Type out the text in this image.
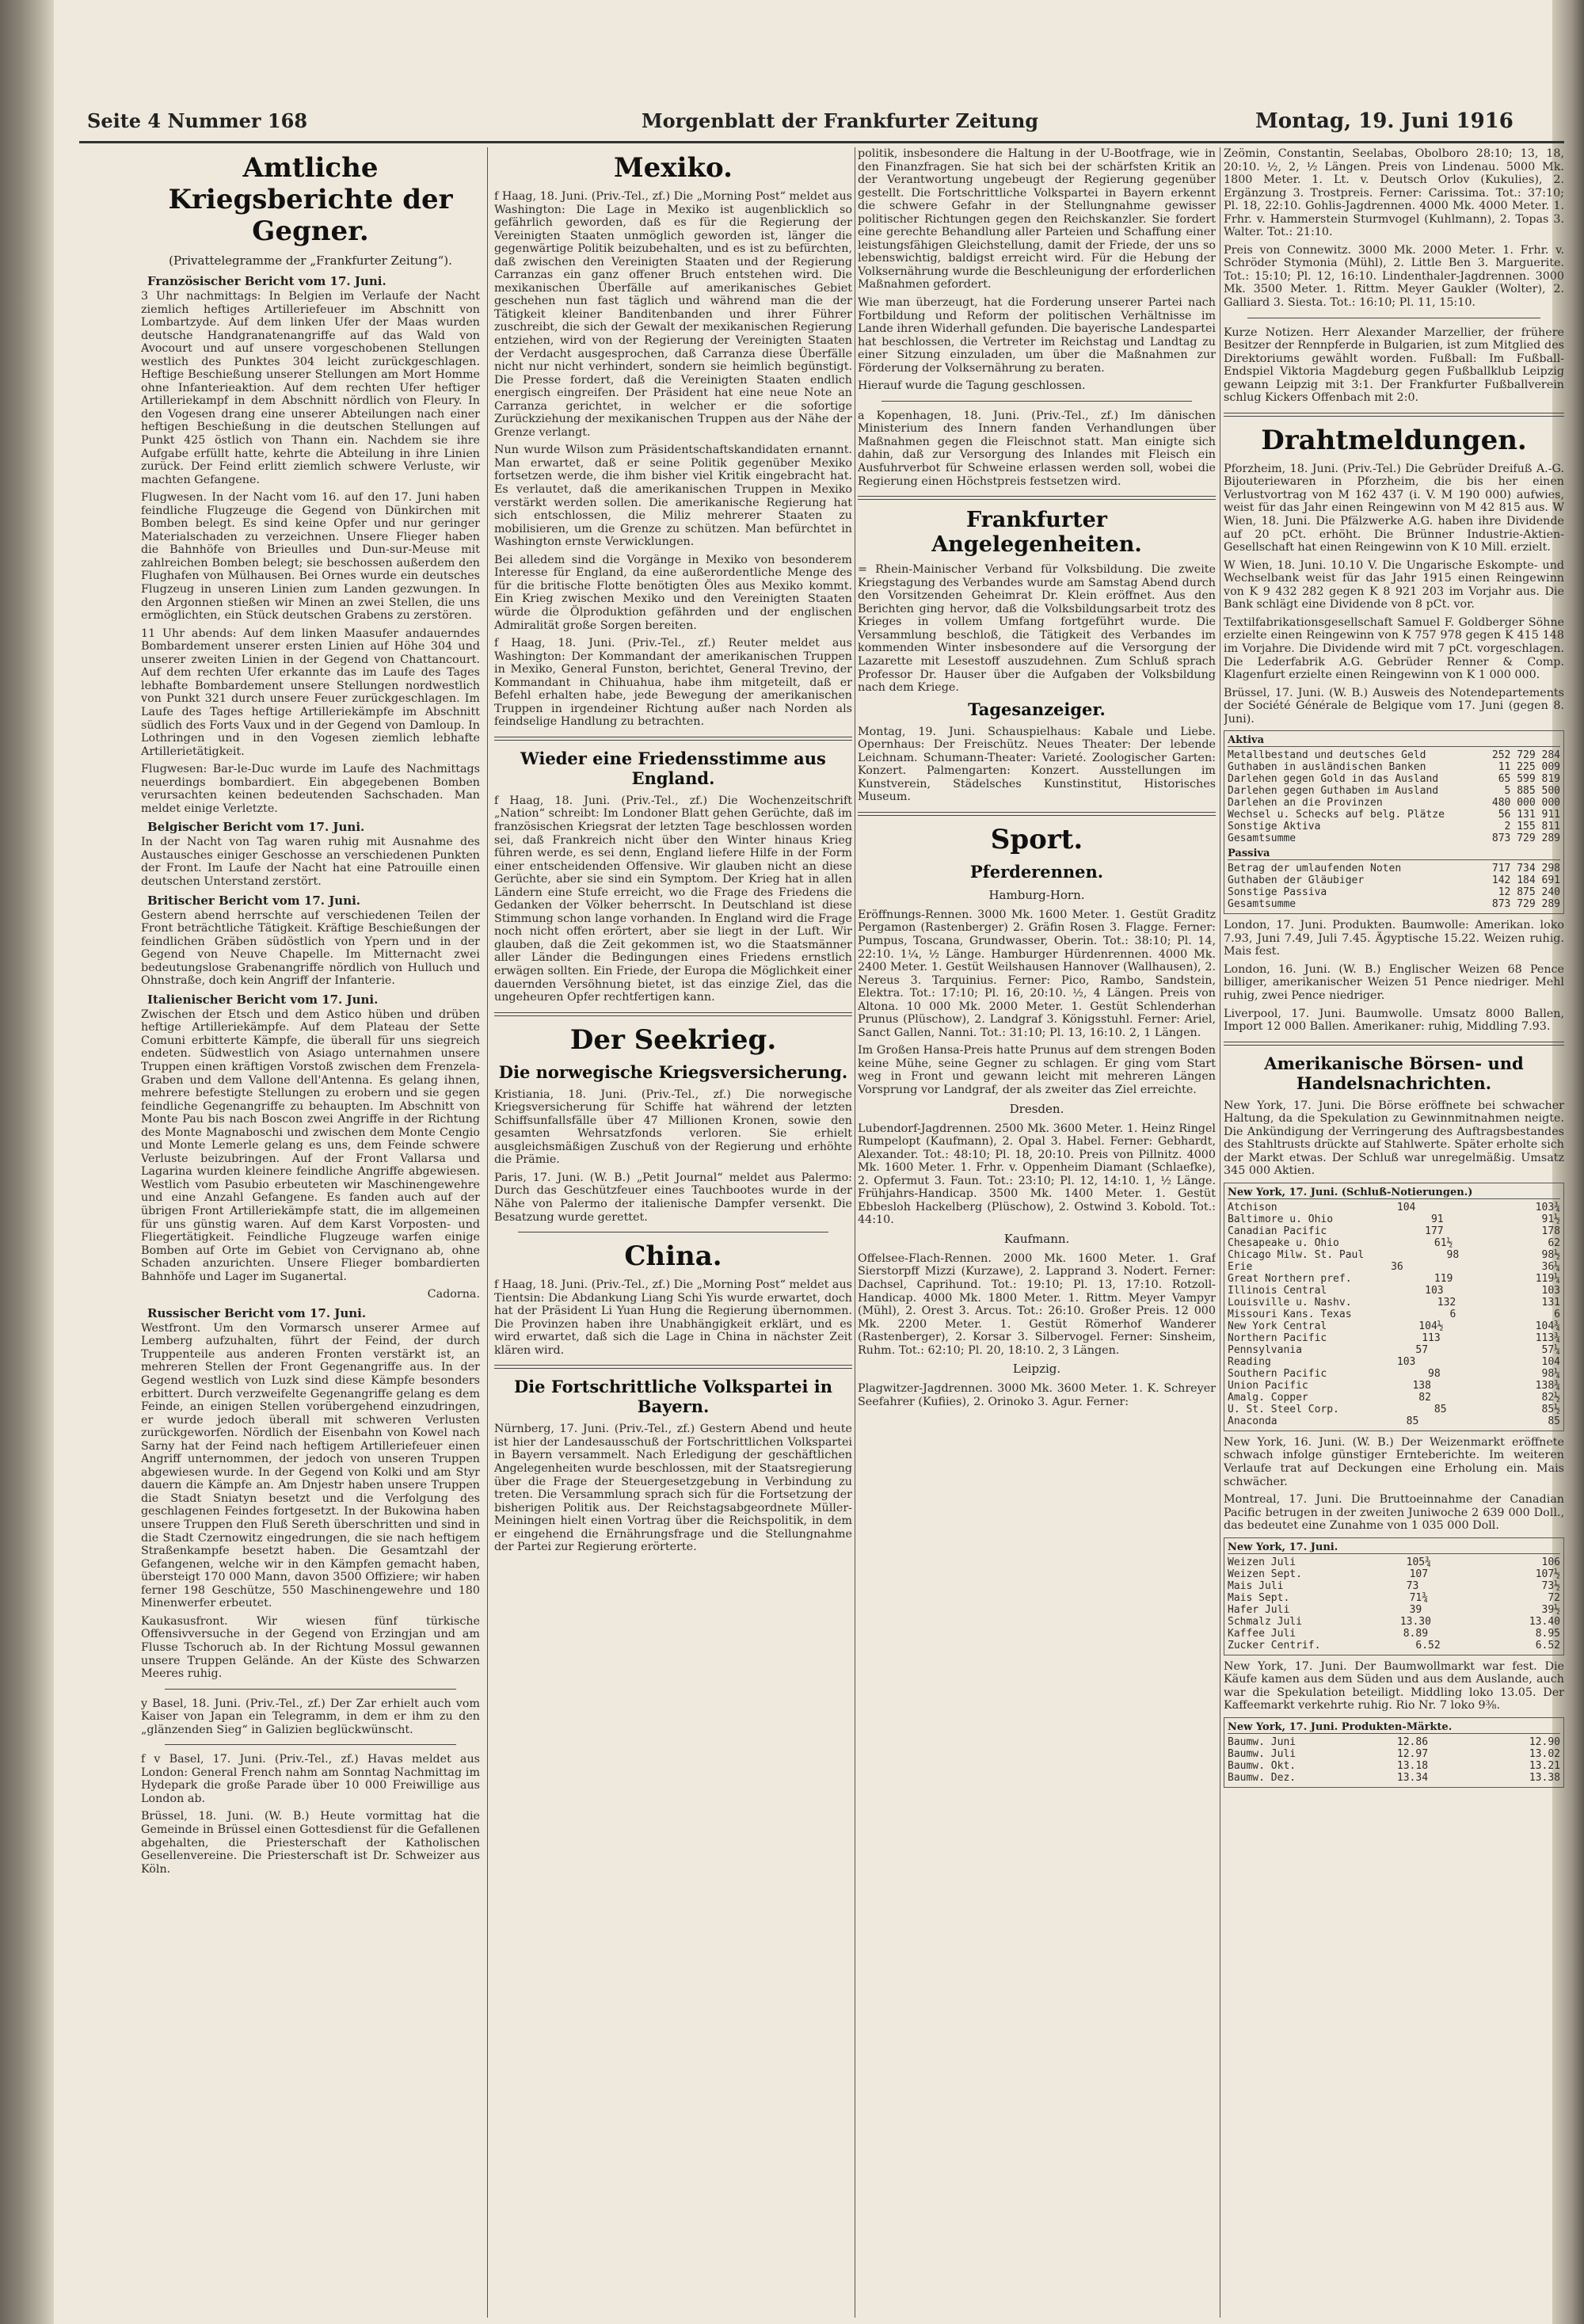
Seite 4 Nummer 168	Morgenblatt der Frankfurter Zeitung	Montag, 19. Juni 1916
Amtliche Kriegsberichte der Gegner.
(Privattelegramme der „Frankfurter Zeitung“).
Französischer Bericht vom 17. Juni.

3 Uhr nachmittags: In Belgien im Verlaufe der Nacht ziemlich heftiges Artilleriefeuer im Abschnitt von Lombartzyde. Auf dem linken Ufer der Maas wurden deutsche Handgranatenangriffe auf das Wald von Avocourt und auf unsere vorgeschobenen Stellungen westlich des Punktes 304 leicht zurückgeschlagen. Heftige Beschießung unserer Stellungen am Mort Homme ohne Infanterieaktion. Auf dem rechten Ufer heftiger Artilleriekampf in dem Abschnitt nördlich von Fleury. In den Vogesen drang eine unserer Abteilungen nach einer heftigen Beschießung in die deutschen Stellungen auf Punkt 425 östlich von Thann ein. Nachdem sie ihre Aufgabe erfüllt hatte, kehrte die Abteilung in ihre Linien zurück. Der Feind erlitt ziemlich schwere Verluste, wir machten Gefangene.

Flugwesen. In der Nacht vom 16. auf den 17. Juni haben feindliche Flugzeuge die Gegend von Dünkirchen mit Bomben belegt. Es sind keine Opfer und nur geringer Materialschaden zu verzeichnen. Unsere Flieger haben die Bahnhöfe von Brieulles und Dun-sur-Meuse mit zahlreichen Bomben belegt; sie beschossen außerdem den Flughafen von Mülhausen. Bei Ornes wurde ein deutsches Flugzeug in unseren Linien zum Landen gezwungen. In den Argonnen stießen wir Minen an zwei Stellen, die uns ermöglichten, ein Stück deutschen Grabens zu zerstören.

11 Uhr abends: Auf dem linken Maasufer andauerndes Bombardement unserer ersten Linien auf Höhe 304 und unserer zweiten Linien in der Gegend von Chattancourt. Auf dem rechten Ufer erkannte das im Laufe des Tages lebhafte Bombardement unsere Stellungen nordwestlich von Punkt 321 durch unsere Feuer zurückgeschlagen. Im Laufe des Tages heftige Artilleriekämpfe im Abschnitt südlich des Forts Vaux und in der Gegend von Damloup. In Lothringen und in den Vogesen ziemlich lebhafte Artillerietätigkeit.

Flugwesen: Bar-le-Duc wurde im Laufe des Nachmittags neuerdings bombardiert. Ein abgegebenen Bomben verursachten keinen bedeutenden Sachschaden. Man meldet einige Verletzte.

Belgischer Bericht vom 17. Juni.

In der Nacht von Tag waren ruhig mit Ausnahme des Austausches einiger Geschosse an verschiedenen Punkten der Front. Im Laufe der Nacht hat eine Patrouille einen deutschen Unterstand zerstört.

Britischer Bericht vom 17. Juni.

Gestern abend herrschte auf verschiedenen Teilen der Front beträchtliche Tätigkeit. Kräftige Beschießungen der feindlichen Gräben südöstlich von Ypern und in der Gegend von Neuve Chapelle. Im Mitternacht zwei bedeutungslose Grabenangriffe nördlich von Hulluch und Ohnstraße, doch kein Angriff der Infanterie.

Italienischer Bericht vom 17. Juni.

Zwischen der Etsch und dem Astico hüben und drüben heftige Artilleriekämpfe. Auf dem Plateau der Sette Comuni erbitterte Kämpfe, die überall für uns siegreich endeten. Südwestlich von Asiago unternahmen unsere Truppen einen kräftigen Vorstoß zwischen dem Frenzela-Graben und dem Vallone dell'Antenna. Es gelang ihnen, mehrere befestigte Stellungen zu erobern und sie gegen feindliche Gegenangriffe zu behaupten. Im Abschnitt von Monte Pau bis nach Boscon zwei Angriffe in der Richtung des Monte Magnaboschi und zwischen dem Monte Cengio und Monte Lemerle gelang es uns, dem Feinde schwere Verluste beizubringen. Auf der Front Vallarsa und Lagarina wurden kleinere feindliche Angriffe abgewiesen. Westlich vom Pasubio erbeuteten wir Maschinengewehre und eine Anzahl Gefangene. Es fanden auch auf der übrigen Front Artilleriekämpfe statt, die im allgemeinen für uns günstig waren. Auf dem Karst Vorposten- und Fliegertätigkeit. Feindliche Flugzeuge warfen einige Bomben auf Orte im Gebiet von Cervignano ab, ohne Schaden anzurichten. Unsere Flieger bombardierten Bahnhöfe und Lager im Suganertal.

Cadorna.

Russischer Bericht vom 17. Juni.

Westfront. Um den Vormarsch unserer Armee auf Lemberg aufzuhalten, führt der Feind, der durch Truppenteile aus anderen Fronten verstärkt ist, an mehreren Stellen der Front Gegenangriffe aus. In der Gegend westlich von Luzk sind diese Kämpfe besonders erbittert. Durch verzweifelte Gegenangriffe gelang es dem Feinde, an einigen Stellen vorübergehend einzudringen, er wurde jedoch überall mit schweren Verlusten zurückgeworfen. Nördlich der Eisenbahn von Kowel nach Sarny hat der Feind nach heftigem Artilleriefeuer einen Angriff unternommen, der jedoch von unseren Truppen abgewiesen wurde. In der Gegend von Kolki und am Styr dauern die Kämpfe an. Am Dnjestr haben unsere Truppen die Stadt Sniatyn besetzt und die Verfolgung des geschlagenen Feindes fortgesetzt. In der Bukowina haben unsere Truppen den Fluß Sereth überschritten und sind in die Stadt Czernowitz eingedrungen, die sie nach heftigem Straßenkampfe besetzt haben. Die Gesamtzahl der Gefangenen, welche wir in den Kämpfen gemacht haben, übersteigt 170 000 Mann, davon 3500 Offiziere; wir haben ferner 198 Geschütze, 550 Maschinengewehre und 180 Minenwerfer erbeutet.

Kaukasusfront. Wir wiesen fünf türkische Offensivversuche in der Gegend von Erzingjan und am Flusse Tschoruch ab. In der Richtung Mossul gewannen unsere Truppen Gelände. An der Küste des Schwarzen Meeres ruhig.

y Basel, 18. Juni. (Priv.-Tel., zf.) Der Zar erhielt auch vom Kaiser von Japan ein Telegramm, in dem er ihm zu den „glänzenden Sieg“ in Galizien beglückwünscht.

f v Basel, 17. Juni. (Priv.-Tel., zf.) Havas meldet aus London: General French nahm am Sonntag Nachmittag im Hydepark die große Parade über 10 000 Freiwillige aus London ab.

Brüssel, 18. Juni. (W. B.) Heute vormittag hat die Gemeinde in Brüssel einen Gottesdienst für die Gefallenen abgehalten, die Priesterschaft der Katholischen Gesellenvereine. Die Priesterschaft ist Dr. Schweizer aus Köln.

Mexiko.

f Haag, 18. Juni. (Priv.-Tel., zf.) Die „Morning Post“ meldet aus Washington: Die Lage in Mexiko ist augenblicklich so gefährlich geworden, daß es für die Regierung der Vereinigten Staaten unmöglich geworden ist, länger die gegenwärtige Politik beizubehalten, und es ist zu befürchten, daß zwischen den Vereinigten Staaten und der Regierung Carranzas ein ganz offener Bruch entstehen wird. Die mexikanischen Überfälle auf amerikanisches Gebiet geschehen nun fast täglich und während man die der Tätigkeit kleiner Banditenbanden und ihrer Führer zuschreibt, die sich der Gewalt der mexikanischen Regierung entziehen, wird von der Regierung der Vereinigten Staaten der Verdacht ausgesprochen, daß Carranza diese Überfälle nicht nur nicht verhindert, sondern sie heimlich begünstigt. Die Presse fordert, daß die Vereinigten Staaten endlich energisch eingreifen. Der Präsident hat eine neue Note an Carranza gerichtet, in welcher er die sofortige Zurückziehung der mexikanischen Truppen aus der Nähe der Grenze verlangt.

Nun wurde Wilson zum Präsidentschaftskandidaten ernannt. Man erwartet, daß er seine Politik gegenüber Mexiko fortsetzen werde, die ihm bisher viel Kritik eingebracht hat. Es verlautet, daß die amerikanischen Truppen in Mexiko verstärkt werden sollen. Die amerikanische Regierung hat sich entschlossen, die Miliz mehrerer Staaten zu mobilisieren, um die Grenze zu schützen. Man befürchtet in Washington ernste Verwicklungen.

Bei alledem sind die Vorgänge in Mexiko von besonderem Interesse für England, da eine außerordentliche Menge des für die britische Flotte benötigten Öles aus Mexiko kommt. Ein Krieg zwischen Mexiko und den Vereinigten Staaten würde die Ölproduktion gefährden und der englischen Admiralität große Sorgen bereiten.

f Haag, 18. Juni. (Priv.-Tel., zf.) Reuter meldet aus Washington: Der Kommandant der amerikanischen Truppen in Mexiko, General Funston, berichtet, General Trevino, der Kommandant in Chihuahua, habe ihm mitgeteilt, daß er Befehl erhalten habe, jede Bewegung der amerikanischen Truppen in irgendeiner Richtung außer nach Norden als feindselige Handlung zu betrachten.

Wieder eine Friedensstimme aus England.

f Haag, 18. Juni. (Priv.-Tel., zf.) Die Wochenzeitschrift „Nation“ schreibt: Im Londoner Blatt gehen Gerüchte, daß im französischen Kriegsrat der letzten Tage beschlossen worden sei, daß Frankreich nicht über den Winter hinaus Krieg führen werde, es sei denn, England liefere Hilfe in der Form einer entscheidenden Offensive. Wir glauben nicht an diese Gerüchte, aber sie sind ein Symptom. Der Krieg hat in allen Ländern eine Stufe erreicht, wo die Frage des Friedens die Gedanken der Völker beherrscht. In Deutschland ist diese Stimmung schon lange vorhanden. In England wird die Frage noch nicht offen erörtert, aber sie liegt in der Luft. Wir glauben, daß die Zeit gekommen ist, wo die Staatsmänner aller Länder die Bedingungen eines Friedens ernstlich erwägen sollten. Ein Friede, der Europa die Möglichkeit einer dauernden Versöhnung bietet, ist das einzige Ziel, das die ungeheuren Opfer rechtfertigen kann.

Der Seekrieg.
Die norwegische Kriegsversicherung.

Kristiania, 18. Juni. (Priv.-Tel., zf.) Die norwegische Kriegsversicherung für Schiffe hat während der letzten Schiffsunfallsfälle über 47 Millionen Kronen, sowie den gesamten Wehrsatzfonds verloren. Sie erhielt ausgleichsmäßigen Zuschuß von der Regierung und erhöhte die Prämie.

Paris, 17. Juni. (W. B.) „Petit Journal“ meldet aus Palermo: Durch das Geschützfeuer eines Tauchbootes wurde in der Nähe von Palermo der italienische Dampfer versenkt. Die Besatzung wurde gerettet.

China.

f Haag, 18. Juni. (Priv.-Tel., zf.) Die „Morning Post“ meldet aus Tientsin: Die Abdankung Liang Schi Yis wurde erwartet, doch hat der Präsident Li Yuan Hung die Regierung übernommen. Die Provinzen haben ihre Unabhängigkeit erklärt, und es wird erwartet, daß sich die Lage in China in nächster Zeit klären wird.

Die Fortschrittliche Volkspartei in Bayern.

Nürnberg, 17. Juni. (Priv.-Tel., zf.) Gestern Abend und heute ist hier der Landesausschuß der Fortschrittlichen Volkspartei in Bayern versammelt. Nach Erledigung der geschäftlichen Angelegenheiten wurde beschlossen, mit der Staatsregierung über die Frage der Steuergesetzgebung in Verbindung zu treten. Die Versammlung sprach sich für die Fortsetzung der bisherigen Politik aus. Der Reichstagsabgeordnete Müller-Meiningen hielt einen Vortrag über die Reichspolitik, in dem er eingehend die Ernährungsfrage und die Stellungnahme der Partei zur Regierung erörterte.

politik, insbesondere die Haltung in der U-Bootfrage, wie in den Finanzfragen. Sie hat sich bei der schärfsten Kritik an der Verantwortung ungebeugt der Regierung gegenüber gestellt. Die Fortschrittliche Volkspartei in Bayern erkennt die schwere Gefahr in der Stellungnahme gewisser politischer Richtungen gegen den Reichskanzler. Sie fordert eine gerechte Behandlung aller Parteien und Schaffung einer leistungsfähigen Gleichstellung, damit der Friede, der uns so lebenswichtig, baldigst erreicht wird. Für die Hebung der Volksernährung wurde die Beschleunigung der erforderlichen Maßnahmen gefordert.

Wie man überzeugt, hat die Forderung unserer Partei nach Fortbildung und Reform der politischen Verhältnisse im Lande ihren Widerhall gefunden. Die bayerische Landespartei hat beschlossen, die Vertreter im Reichstag und Landtag zu einer Sitzung einzuladen, um über die Maßnahmen zur Förderung der Volksernährung zu beraten.

Hierauf wurde die Tagung geschlossen.

a Kopenhagen, 18. Juni. (Priv.-Tel., zf.) Im dänischen Ministerium des Innern fanden Verhandlungen über Maßnahmen gegen die Fleischnot statt. Man einigte sich dahin, daß zur Versorgung des Inlandes mit Fleisch ein Ausfuhrverbot für Schweine erlassen werden soll, wobei die Regierung einen Höchstpreis festsetzen wird.

Frankfurter Angelegenheiten.

= Rhein-Mainischer Verband für Volksbildung. Die zweite Kriegstagung des Verbandes wurde am Samstag Abend durch den Vorsitzenden Geheimrat Dr. Klein eröffnet. Aus den Berichten ging hervor, daß die Volksbildungsarbeit trotz des Krieges in vollem Umfang fortgeführt wurde. Die Versammlung beschloß, die Tätigkeit des Verbandes im kommenden Winter insbesondere auf die Versorgung der Lazarette mit Lesestoff auszudehnen. Zum Schluß sprach Professor Dr. Hauser über die Aufgaben der Volksbildung nach dem Kriege.

Tagesanzeiger.

Montag, 19. Juni. Schauspielhaus: Kabale und Liebe. Opernhaus: Der Freischütz. Neues Theater: Der lebende Leichnam. Schumann-Theater: Varieté. Zoologischer Garten: Konzert. Palmengarten: Konzert. Ausstellungen im Kunstverein, Städelsches Kunstinstitut, Historisches Museum.

Sport.
Pferderennen.
Hamburg-Horn.

Eröffnungs-Rennen. 3000 Mk. 1600 Meter. 1. Gestüt Graditz Pergamon (Rastenberger) 2. Gräfin Rosen 3. Flagge. Ferner: Pumpus, Toscana, Grundwasser, Oberin. Tot.: 38:10; Pl. 14, 22:10. 1¼, ½ Länge. Hamburger Hürdenrennen. 4000 Mk. 2400 Meter. 1. Gestüt Weilshausen Hannover (Wallhausen), 2. Nereus 3. Tarquinius. Ferner: Pico, Rambo, Sandstein, Elektra. Tot.: 17:10; Pl. 16, 20:10. ½, 4 Längen. Preis von Altona. 10 000 Mk. 2000 Meter. 1. Gestüt Schlenderhan Prunus (Plüschow), 2. Landgraf 3. Königsstuhl. Ferner: Ariel, Sanct Gallen, Nanni. Tot.: 31:10; Pl. 13, 16:10. 2, 1 Längen.

Im Großen Hansa-Preis hatte Prunus auf dem strengen Boden keine Mühe, seine Gegner zu schlagen. Er ging vom Start weg in Front und gewann leicht mit mehreren Längen Vorsprung vor Landgraf, der als zweiter das Ziel erreichte.

Dresden.

Lubendorf-Jagdrennen. 2500 Mk. 3600 Meter. 1. Heinz Ringel Rumpelopt (Kaufmann), 2. Opal 3. Habel. Ferner: Gebhardt, Alexander. Tot.: 48:10; Pl. 18, 20:10. Preis von Pillnitz. 4000 Mk. 1600 Meter. 1. Frhr. v. Oppenheim Diamant (Schlaefke), 2. Opfermut 3. Faun. Tot.: 23:10; Pl. 12, 14:10. 1, ½ Länge. Frühjahrs-Handicap. 3500 Mk. 1400 Meter. 1. Gestüt Ebbesloh Hackelberg (Plüschow), 2. Ostwind 3. Kobold. Tot.: 44:10.

Kaufmann.

Offelsee-Flach-Rennen. 2000 Mk. 1600 Meter. 1. Graf Sierstorpff Mizzi (Kurzawe), 2. Lapprand 3. Nodert. Ferner: Dachsel, Caprihund. Tot.: 19:10; Pl. 13, 17:10. Rotzoll-Handicap. 4000 Mk. 1800 Meter. 1. Rittm. Meyer Vampyr (Mühl), 2. Orest 3. Arcus. Tot.: 26:10. Großer Preis. 12 000 Mk. 2200 Meter. 1. Gestüt Römerhof Wanderer (Rastenberger), 2. Korsar 3. Silbervogel. Ferner: Sinsheim, Ruhm. Tot.: 62:10; Pl. 20, 18:10. 2, 3 Längen.

Leipzig.

Plagwitzer-Jagdrennen. 3000 Mk. 3600 Meter. 1. K. Schreyer Seefahrer (Kufiies), 2. Orinoko 3. Agur. Ferner:

Zeömin, Constantin, Seelabas, Obolboro 28:10; 13, 18, 20:10. ½, 2, ½ Längen. Preis von Lindenau. 5000 Mk. 1800 Meter. 1. Lt. v. Deutsch Orlov (Kukulies), 2. Ergänzung 3. Trostpreis. Ferner: Carissima. Tot.: 37:10; Pl. 18, 22:10. Gohlis-Jagdrennen. 4000 Mk. 4000 Meter. 1. Frhr. v. Hammerstein Sturmvogel (Kuhlmann), 2. Topas 3. Walter. Tot.: 21:10.

Preis von Connewitz. 3000 Mk. 2000 Meter. 1. Frhr. v. Schröder Stymonia (Mühl), 2. Little Ben 3. Marguerite. Tot.: 15:10; Pl. 12, 16:10. Lindenthaler-Jagdrennen. 3000 Mk. 3500 Meter. 1. Rittm. Meyer Gaukler (Wolter), 2. Galliard 3. Siesta. Tot.: 16:10; Pl. 11, 15:10.

Kurze Notizen. Herr Alexander Marzellier, der frühere Besitzer der Rennpferde in Bulgarien, ist zum Mitglied des Direktoriums gewählt worden. Fußball: Im Fußball-Endspiel Viktoria Magdeburg gegen Fußballklub Leipzig gewann Leipzig mit 3:1. Der Frankfurter Fußballverein schlug Kickers Offenbach mit 2:0.

Drahtmeldungen.

Pforzheim, 18. Juni. (Priv.-Tel.) Die Gebrüder Dreifuß A.-G. Bijouteriewaren in Pforzheim, die bis her einen Verlustvortrag von M 162 437 (i. V. M 190 000) aufwies, weist für das Jahr einen Reingewinn von M 42 815 aus. W Wien, 18. Juni. Die Pfälzwerke A.G. haben ihre Dividende auf 20 pCt. erhöht. Die Brünner Industrie-Aktien-Gesellschaft hat einen Reingewinn von K 10 Mill. erzielt.

W Wien, 18. Juni. 10.10 V. Die Ungarische Eskompte- und Wechselbank weist für das Jahr 1915 einen Reingewinn von K 9 432 282 gegen K 8 921 203 im Vorjahr aus. Die Bank schlägt eine Dividende von 8 pCt. vor.

Textilfabrikationsgesellschaft Samuel F. Goldberger Söhne erzielte einen Reingewinn von K 757 978 gegen K 415 148 im Vorjahre. Die Dividende wird mit 7 pCt. vorgeschlagen. Die Lederfabrik A.G. Gebrüder Renner & Comp. Klagenfurt erzielte einen Reingewinn von K 1 000 000.

Brüssel, 17. Juni. (W. B.) Ausweis des Notendepartements der Société Générale de Belgique vom 17. Juni (gegen 8. Juni).

Aktiva
Metallbestand und deutsches Geld	252 729 284
Guthaben in ausländischen Banken	11 225 009
Darlehen gegen Gold in das Ausland	65 599 819
Darlehen gegen Guthaben im Ausland	5 885 500
Darlehen an die Provinzen	480 000 000
Wechsel u. Schecks auf belg. Plätze	56 131 911
Sonstige Aktiva	2 155 811
Gesamtsumme	873 729 289
Passiva
Betrag der umlaufenden Noten	717 734 298
Guthaben der Gläubiger	142 184 691
Sonstige Passiva	12 875 240
Gesamtsumme	873 729 289

London, 17. Juni. Produkten. Baumwolle: Amerikan. loko 7.93, Juni 7.49, Juli 7.45. Ägyptische 15.22. Weizen ruhig. Mais fest.

London, 16. Juni. (W. B.) Englischer Weizen 68 Pence billiger, amerikanischer Weizen 51 Pence niedriger. Mehl ruhig, zwei Pence niedriger.

Liverpool, 17. Juni. Baumwolle. Umsatz 8000 Ballen, Import 12 000 Ballen. Amerikaner: ruhig, Middling 7.93.

Amerikanische Börsen- und Handelsnachrichten.

New York, 17. Juni. Die Börse eröffnete bei schwacher Haltung, da die Spekulation zu Gewinnmitnahmen neigte. Die Ankündigung der Verringerung des Auftragsbestandes des Stahltrusts drückte auf Stahlwerte. Später erholte sich der Markt etwas. Der Schluß war unregelmäßig. Umsatz 345 000 Aktien.

New York, 17. Juni. (Schluß-Notierungen.)
Atchison	104	103¾
Baltimore u. Ohio	91	91½
Canadian Pacific	177	178
Chesapeake u. Ohio	61½	62
Chicago Milw. St. Paul	98	98½
Erie	36	36¼
Great Northern pref.	119	119¼
Illinois Central	103	103
Louisville u. Nashv.	132	131
Missouri Kans. Texas	6	6
New York Central	104½	104¾
Northern Pacific	113	113¾
Pennsylvania	57	57¼
Reading	103	104
Southern Pacific	98	98¼
Union Pacific	138	138¾
Amalg. Copper	82	82½
U. St. Steel Corp.	85	85½
Anaconda	85	85

New York, 16. Juni. (W. B.) Der Weizenmarkt eröffnete schwach infolge günstiger Ernteberichte. Im weiteren Verlaufe trat auf Deckungen eine Erholung ein. Mais schwächer.

Montreal, 17. Juni. Die Bruttoeinnahme der Canadian Pacific betrugen in der zweiten Juniwoche 2 639 000 Doll., das bedeutet eine Zunahme von 1 035 000 Doll.

New York, 17. Juni.
Weizen Juli	105¾	106
Weizen Sept.	107	107½
Mais Juli	73	73½
Mais Sept.	71¾	72
Hafer Juli	39	39½
Schmalz Juli	13.30	13.40
Kaffee Juli	8.89	8.95
Zucker Centrif.	6.52	6.52

New York, 17. Juni. Der Baumwollmarkt war fest. Die Käufe kamen aus dem Süden und aus dem Auslande, auch war die Spekulation beteiligt. Middling loko 13.05. Der Kaffeemarkt verkehrte ruhig. Rio Nr. 7 loko 9⅜.

New York, 17. Juni. Produkten-Märkte.
Baumw. Juni	12.86	12.90
Baumw. Juli	12.97	13.02
Baumw. Okt.	13.18	13.21
Baumw. Dez.	13.34	13.38
